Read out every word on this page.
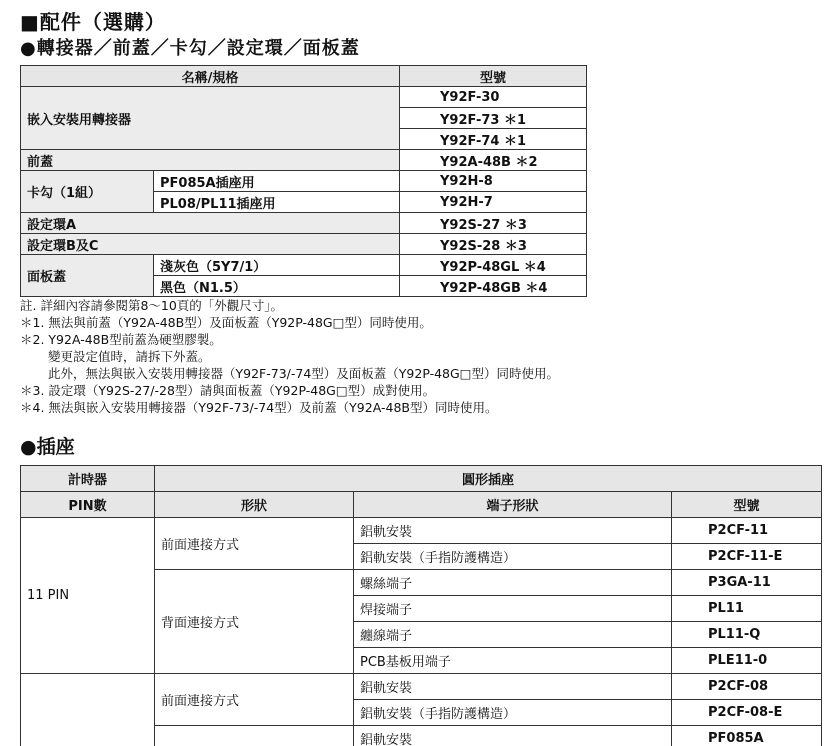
■配件（選購）
●轉接器／前蓋／卡勾／設定環／面板蓋
名稱/規格		型號
嵌入安裝用轉接器		Y92F-30
		Y92F-73 ＊1
		Y92F-74 ＊1
前蓋		Y92A-48B ＊2
卡勾（1組）	PF085A插座用	Y92H-8
	PL08/PL11插座用	Y92H-7
設定環A		Y92S-27 ＊3
設定環B及C		Y92S-28 ＊3
面板蓋	淺灰色（5Y7/1）	Y92P-48GL ＊4
	黑色（N1.5）	Y92P-48GB ＊4
註. 詳細內容請參閱第8～10頁的「外觀尺寸」。
＊1. 無法與前蓋（Y92A-48B型）及面板蓋（Y92P-48G□型）同時使用。
＊2. Y92A-48B型前蓋為硬塑膠製。
變更設定值時，請拆下外蓋。
此外，無法與嵌入安裝用轉接器（Y92F-73/-74型）及面板蓋（Y92P-48G□型）同時使用。
＊3. 設定環（Y92S-27/-28型）請與面板蓋（Y92P-48G□型）成對使用。
＊4. 無法與嵌入安裝用轉接器（Y92F-73/-74型）及前蓋（Y92A-48B型）同時使用。
●插座
計時器	圓形插座		
PIN數	形狀	端子形狀	型號
11 PIN	前面連接方式	鋁軌安裝	P2CF-11
		鋁軌安裝（手指防護構造）	P2CF-11-E
	背面連接方式	螺絲端子	P3GA-11
		焊接端子	PL11
		纏線端子	PL11-Q
		PCB基板用端子	PLE11-0
	前面連接方式	鋁軌安裝	P2CF-08
		鋁軌安裝（手指防護構造）	P2CF-08-E
		鋁軌安裝	PF085A
